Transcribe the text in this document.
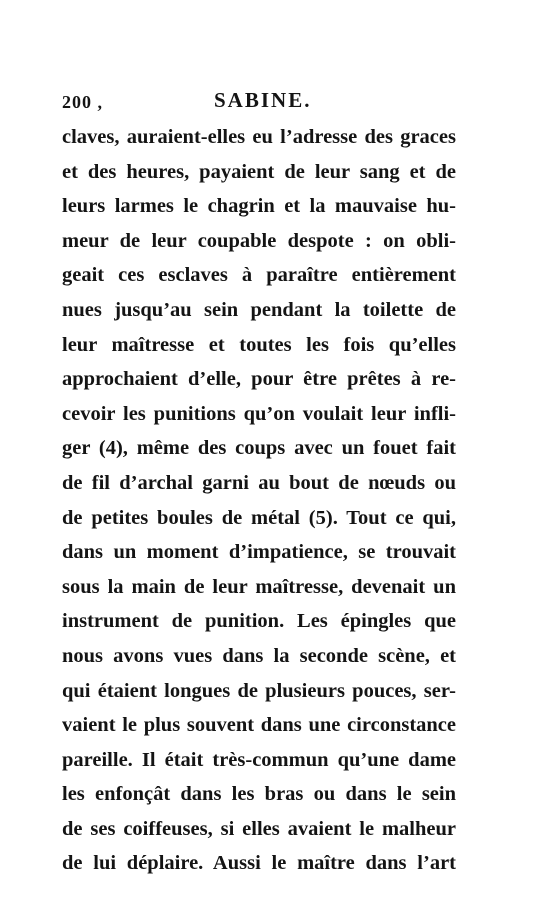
200 ,	SABINE.
claves, auraient-elles eu l’adresse des graces
et des heures, payaient de leur sang et de
leurs larmes le chagrin et la mauvaise hu-
meur de leur coupable despote : on obli-
geait ces esclaves à paraître entièrement
nues jusqu’au sein pendant la toilette de
leur maîtresse et toutes les fois qu’elles
approchaient d’elle, pour être prêtes à re-
cevoir les punitions qu’on voulait leur infli-
ger (4), même des coups avec un fouet fait
de fil d’archal garni au bout de nœuds ou
de petites boules de métal (5). Tout ce qui,
dans un moment d’impatience, se trouvait
sous la main de leur maîtresse, devenait un
instrument de punition. Les épingles que
nous avons vues dans la seconde scène, et
qui étaient longues de plusieurs pouces, ser-
vaient le plus souvent dans une circonstance
pareille. Il était très-commun qu’une dame
les enfonçât dans les bras ou dans le sein
de ses coiffeuses, si elles avaient le malheur
de lui déplaire. Aussi le maître dans l’art
